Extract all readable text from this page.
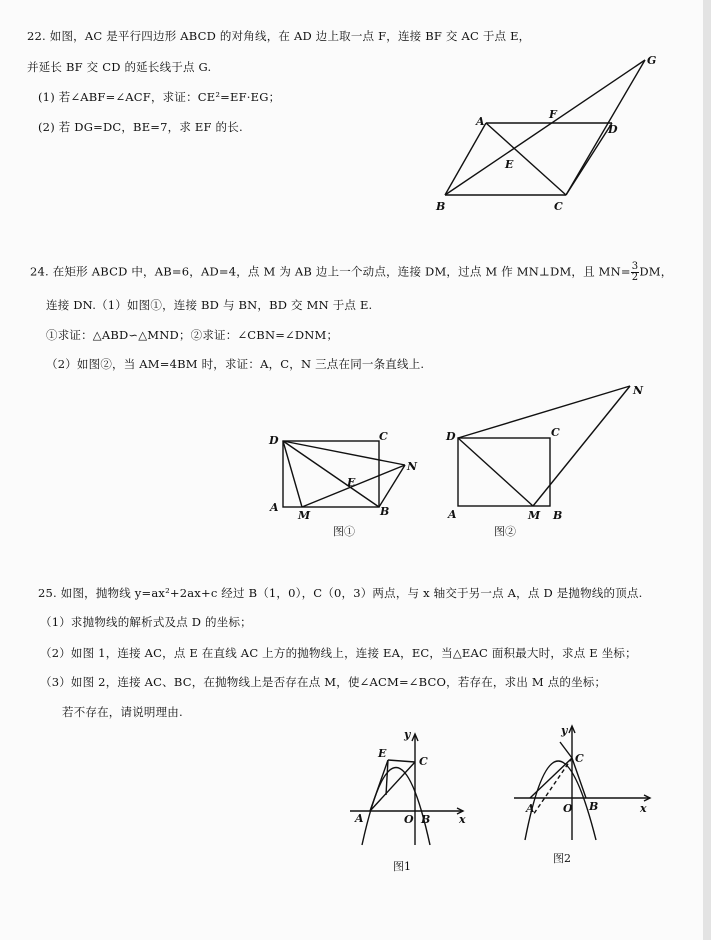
22. 如图，AC 是平行四边形 ABCD 的对角线，在 AD 边上取一点 F，连接 BF 交 AC 于点 E，
并延长 BF 交 CD 的延长线于点 G.
(1) 若∠ABF=∠ACF，求证：CE²=EF·EG；
(2) 若 DG=DC，BE=7，求 EF 的长.	A
B	C
D
E
F
G
24. 在矩形 ABCD 中，AB=6，AD=4，点 M 为 AB 边上一个动点，连接 DM，过点 M 作 MN⊥DM，且 $MN= \frac{3}{2}$ DM，
连接 DN.（1）如图①，连接 BD 与 BN，BD 交 MN 于点 E.
①求证：△ABD∽△MND；②求证：∠CBN=∠DNM；
（2）如图②，当 AM=4BM 时，求证：A，C，N 三点在同一条直线上.
D	C
A
M	B
E
N
图①
D	C
A	M B
N
图②
25. 如图，抛物线 y=ax²+2ax+c 经过 B（1，0），C（0，3）两点，与 x 轴交于另一点 A，点 D 是抛物线的顶点.
（1）求抛物线的解析式及点 D 的坐标；
（2）如图 1，连接 AC，点 E 在直线 AC 上方的抛物线上，连接 EA，EC，当△EAC 面积最大时，求点 E 坐标；
（3）如图 2，连接 AC、BC，在抛物线上是否存在点 M，使∠ACM=∠BCO，若存在，求出 M 点的坐标；
若不存在，请说明理由.
y
x
E
C
A	O B
图1
y
x
C
A	O B
图2
